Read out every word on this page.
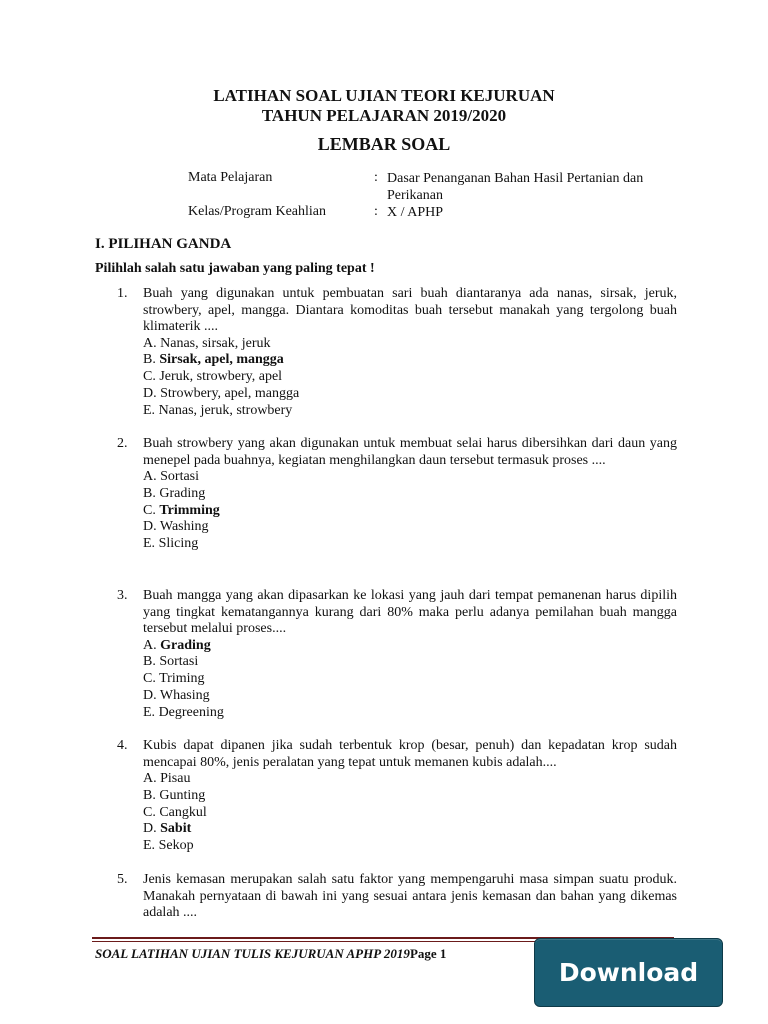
LATIHAN SOAL UJIAN TEORI KEJURUAN
TAHUN PELAJARAN 2019/2020
LEMBAR SOAL
Mata Pelajaran	: Dasar Penanganan Bahan Hasil Pertanian dan Perikanan
Kelas/Program Keahlian	: X / APHP
I. PILIHAN GANDA
Pilihlah salah satu jawaban yang paling tepat !
1. Buah yang digunakan untuk pembuatan sari buah diantaranya ada nanas, sirsak, jeruk, strowbery, apel, mangga. Diantara komoditas buah tersebut manakah yang tergolong buah klimaterik ....
A. Nanas, sirsak, jeruk
B. Sirsak, apel, mangga
C. Jeruk, strowbery, apel
D. Strowbery, apel, mangga
E. Nanas, jeruk, strowbery
2. Buah strowbery yang akan digunakan untuk membuat selai harus dibersihkan dari daun yang menepel pada buahnya, kegiatan menghilangkan daun tersebut termasuk proses ....
A. Sortasi
B. Grading
C. Trimming
D. Washing
E. Slicing
3. Buah mangga yang akan dipasarkan ke lokasi yang jauh dari tempat pemanenan harus dipilih yang tingkat kematangannya kurang dari 80% maka perlu adanya pemilahan buah mangga tersebut melalui proses....
A. Grading
B. Sortasi
C. Triming
D. Whasing
E. Degreening
4. Kubis dapat dipanen jika sudah terbentuk krop (besar, penuh) dan kepadatan krop sudah mencapai 80%, jenis peralatan yang tepat untuk memanen kubis adalah....
A. Pisau
B. Gunting
C. Cangkul
D. Sabit
E. Sekop
5. Jenis kemasan merupakan salah satu faktor yang mempengaruhi masa simpan suatu produk. Manakah pernyataan di bawah ini yang sesuai antara jenis kemasan dan bahan yang dikemas adalah ....
SOAL LATIHAN UJIAN TULIS KEJURUAN APHP 2019Page 1
Download
